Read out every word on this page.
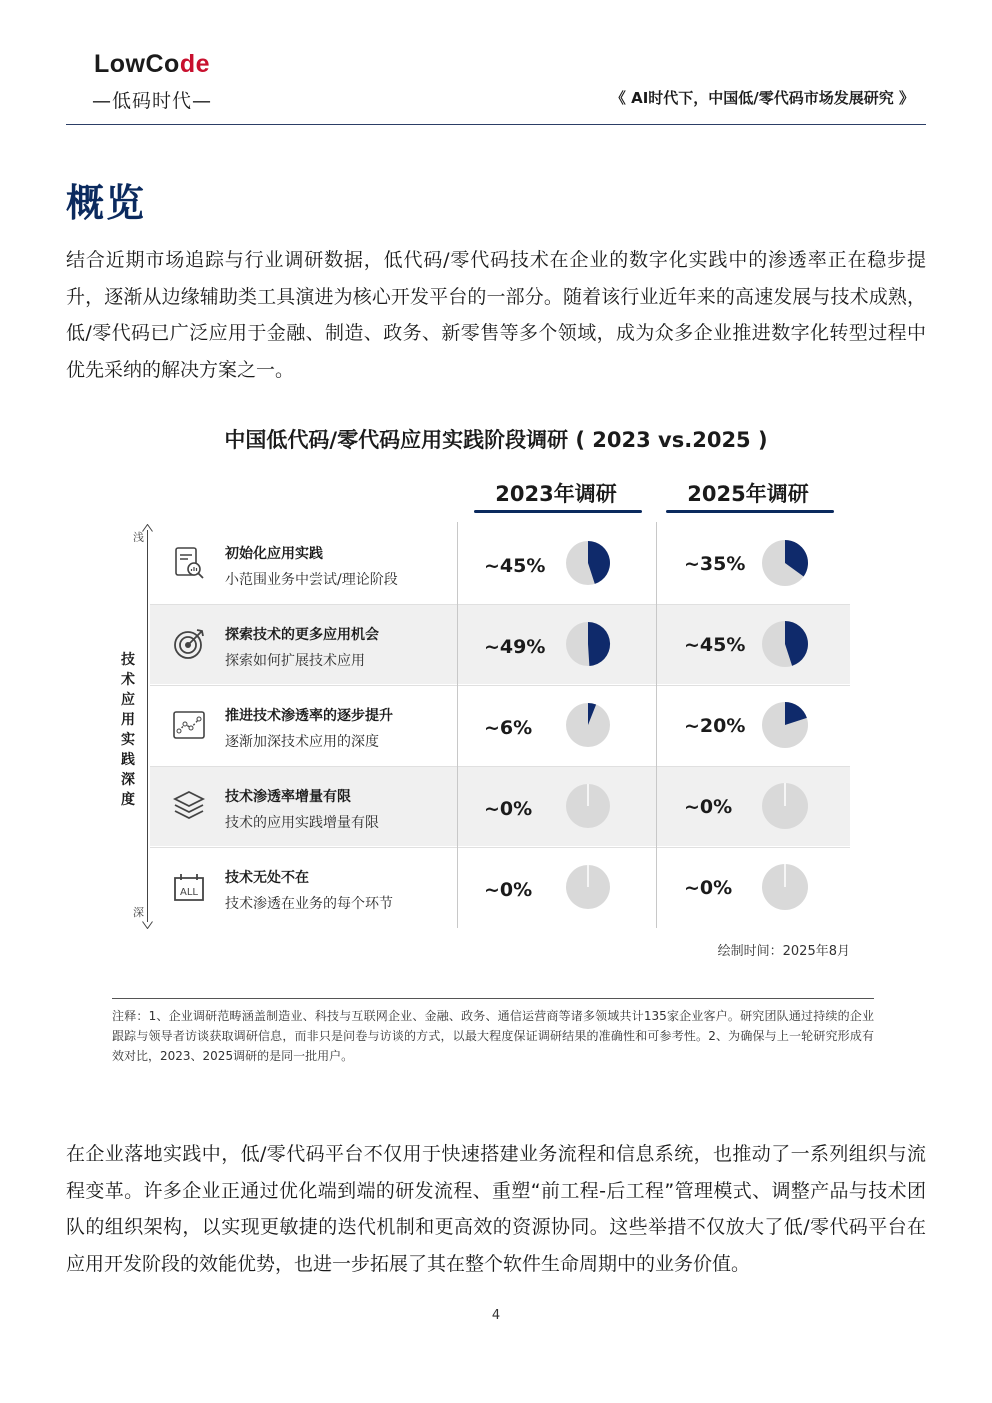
LowCode
—低码时代—	《 AI时代下，中国低/零代码市场发展研究 》
概览
结合近期市场追踪与行业调研数据，低代码/零代码技术在企业的数字化实践中的渗透率正在稳步提升，逐渐从边缘辅助类工具演进为核心开发平台的一部分。随着该行业近年来的高速发展与技术成熟，低/零代码已广泛应用于金融、制造、政务、新零售等多个领域，成为众多企业推进数字化转型过程中优先采纳的解决方案之一。
中国低代码/零代码应用实践阶段调研 ( 2023 vs.2025 )
2023年调研	2025年调研
初始化应用实践
小范围业务中尝试/理论阶段
~45%	~35%
探索技术的更多应用机会
探索如何扩展技术应用
~49%	~45%
推进技术渗透率的逐步提升
逐渐加深技术应用的深度
~6%	~20%
技术渗透率增量有限
技术的应用实践增量有限
~0%	~0%
ALL
技术无处不在
技术渗透在业务的每个环节
~0%	~0%
浅
深
技术应用实践深度
绘制时间：2025年8月
注释：1、企业调研范畴涵盖制造业、科技与互联网企业、金融、政务、通信运营商等诸多领域共计135家企业客户。研究团队通过持续的企业跟踪与领导者访谈获取调研信息，而非只是问卷与访谈的方式，以最大程度保证调研结果的准确性和可参考性。2、为确保与上一轮研究形成有效对比，2023、2025调研的是同一批用户。
在企业落地实践中，低/零代码平台不仅用于快速搭建业务流程和信息系统，也推动了一系列组织与流程变革。许多企业正通过优化端到端的研发流程、重塑“前工程-后工程”管理模式、调整产品与技术团队的组织架构，以实现更敏捷的迭代机制和更高效的资源协同。这些举措不仅放大了低/零代码平台在应用开发阶段的效能优势，也进一步拓展了其在整个软件生命周期中的业务价值。
4
